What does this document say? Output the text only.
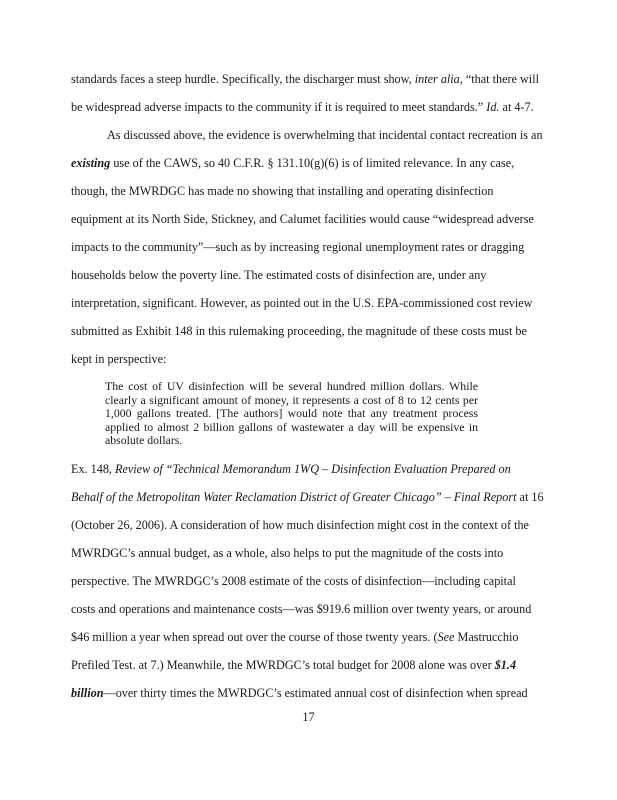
standards faces a steep hurdle. Specifically, the discharger must show, inter alia, “that there will
be widespread adverse impacts to the community if it is required to meet standards.” Id. at 4-7.
As discussed above, the evidence is overwhelming that incidental contact recreation is an
existing use of the CAWS, so 40 C.F.R. § 131.10(g)(6) is of limited relevance. In any case,
though, the MWRDGC has made no showing that installing and operating disinfection
equipment at its North Side, Stickney, and Calumet facilities would cause “widespread adverse
impacts to the community”—such as by increasing regional unemployment rates or dragging
households below the poverty line. The estimated costs of disinfection are, under any
interpretation, significant. However, as pointed out in the U.S. EPA-commissioned cost review
submitted as Exhibit 148 in this rulemaking proceeding, the magnitude of these costs must be
kept in perspective:
The cost of UV disinfection will be several hundred million dollars. While clearly a significant amount of money, it represents a cost of 8 to 12 cents per 1,000 gallons treated. [The authors] would note that any treatment process applied to almost 2 billion gallons of wastewater a day will be expensive in absolute dollars.
Ex. 148, Review of “Technical Memorandum 1WQ – Disinfection Evaluation Prepared on
Behalf of the Metropolitan Water Reclamation District of Greater Chicago” – Final Report at 16
(October 26, 2006). A consideration of how much disinfection might cost in the context of the
MWRDGC’s annual budget, as a whole, also helps to put the magnitude of the costs into
perspective. The MWRDGC’s 2008 estimate of the costs of disinfection—including capital
costs and operations and maintenance costs—was $919.6 million over twenty years, or around
$46 million a year when spread out over the course of those twenty years. (See Mastrucchio
Prefiled Test. at 7.) Meanwhile, the MWRDGC’s total budget for 2008 alone was over $1.4
billion—over thirty times the MWRDGC’s estimated annual cost of disinfection when spread
17
